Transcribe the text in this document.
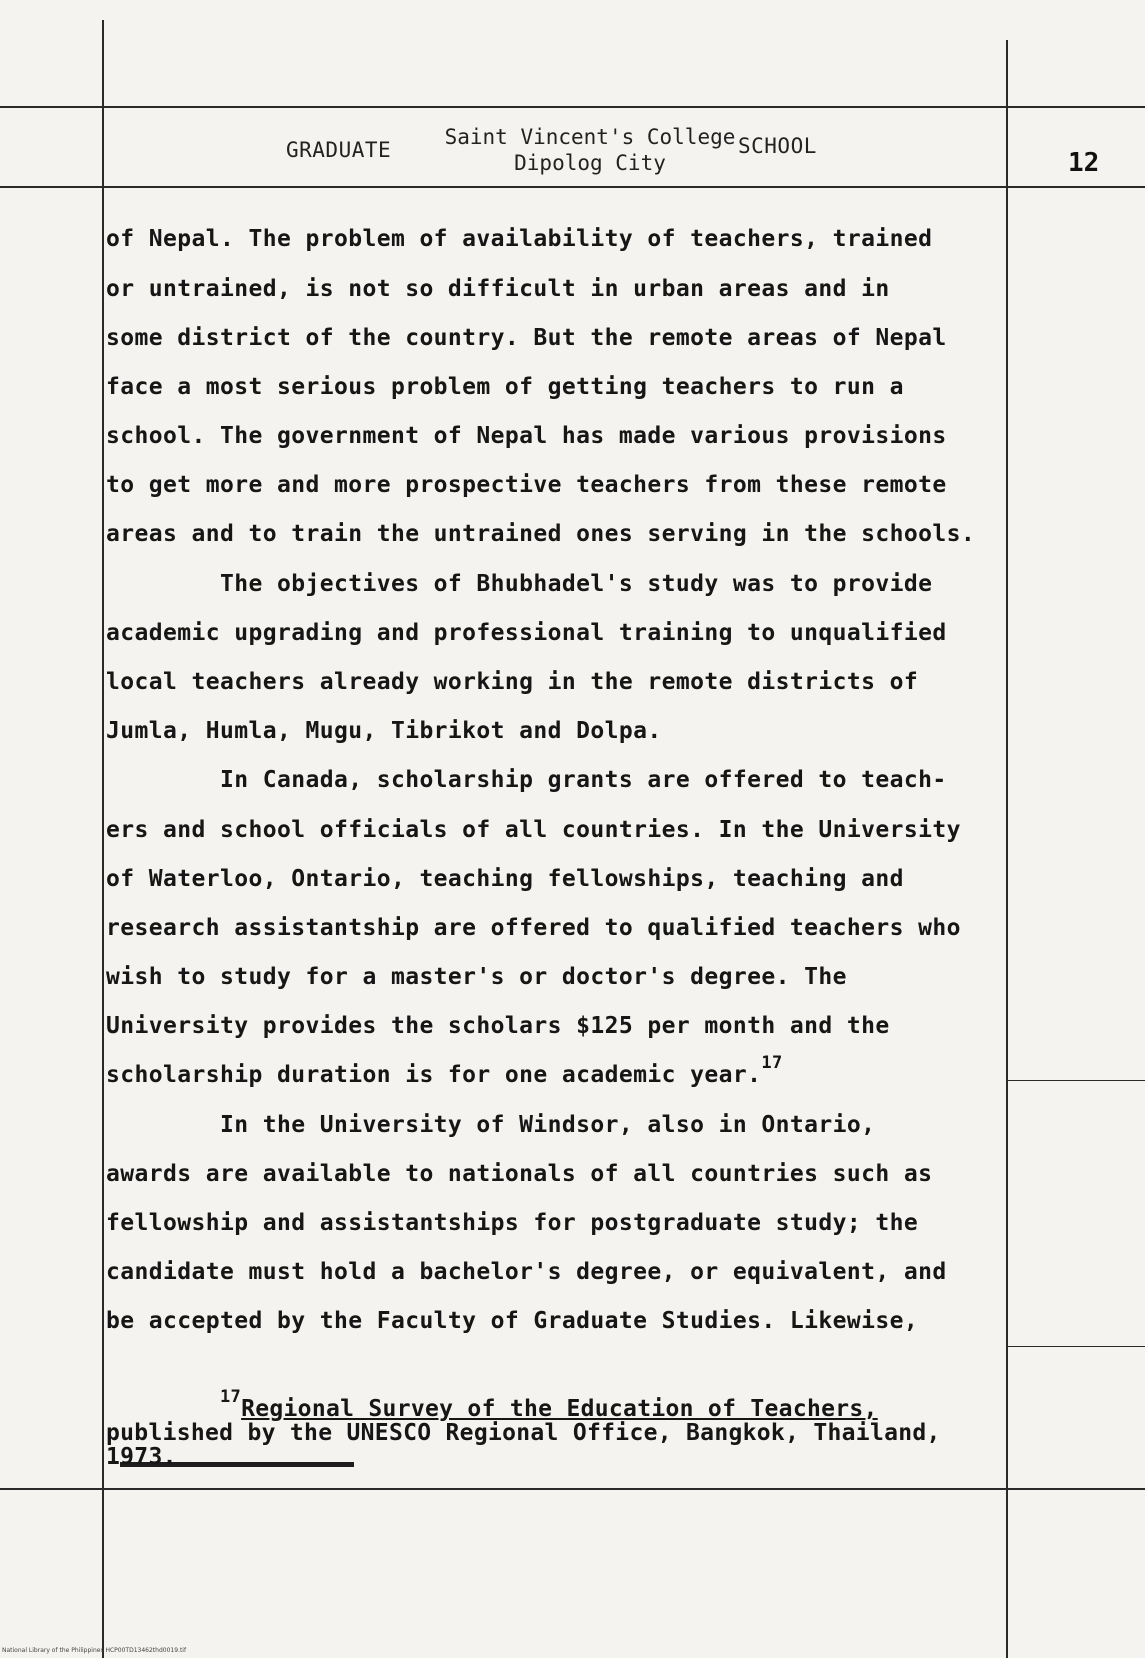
GRADUATE
Saint Vincent's College
Dipolog City
SCHOOL
12
of Nepal. The problem of availability of teachers, trained
or untrained, is not so difficult in urban areas and in
some district of the country. But the remote areas of Nepal
face a most serious problem of getting teachers to run a
school. The government of Nepal has made various provisions
to get more and more prospective teachers from these remote
areas and to train the untrained ones serving in the schools.
The objectives of Bhubhadel's study was to provide
academic upgrading and professional training to unqualified
local teachers already working in the remote districts of
Jumla, Humla, Mugu, Tibrikot and Dolpa.
In Canada, scholarship grants are offered to teach-
ers and school officials of all countries. In the University
of Waterloo, Ontario, teaching fellowships, teaching and
research assistantship are offered to qualified teachers who
wish to study for a master's or doctor's degree. The
University provides the scholars $125 per month and the
scholarship duration is for one academic year.$^{17}$
In the University of Windsor, also in Ontario,
awards are available to nationals of all countries such as
fellowship and assistantships for postgraduate study; the
candidate must hold a bachelor's degree, or equivalent, and
be accepted by the Faculty of Graduate Studies. Likewise,
$^{17}$Regional Survey of the Education of Teachers,
published by the UNESCO Regional Office, Bangkok, Thailand,
1973.
National Library of the Philippines HCP00TD13462thd0019.tif
